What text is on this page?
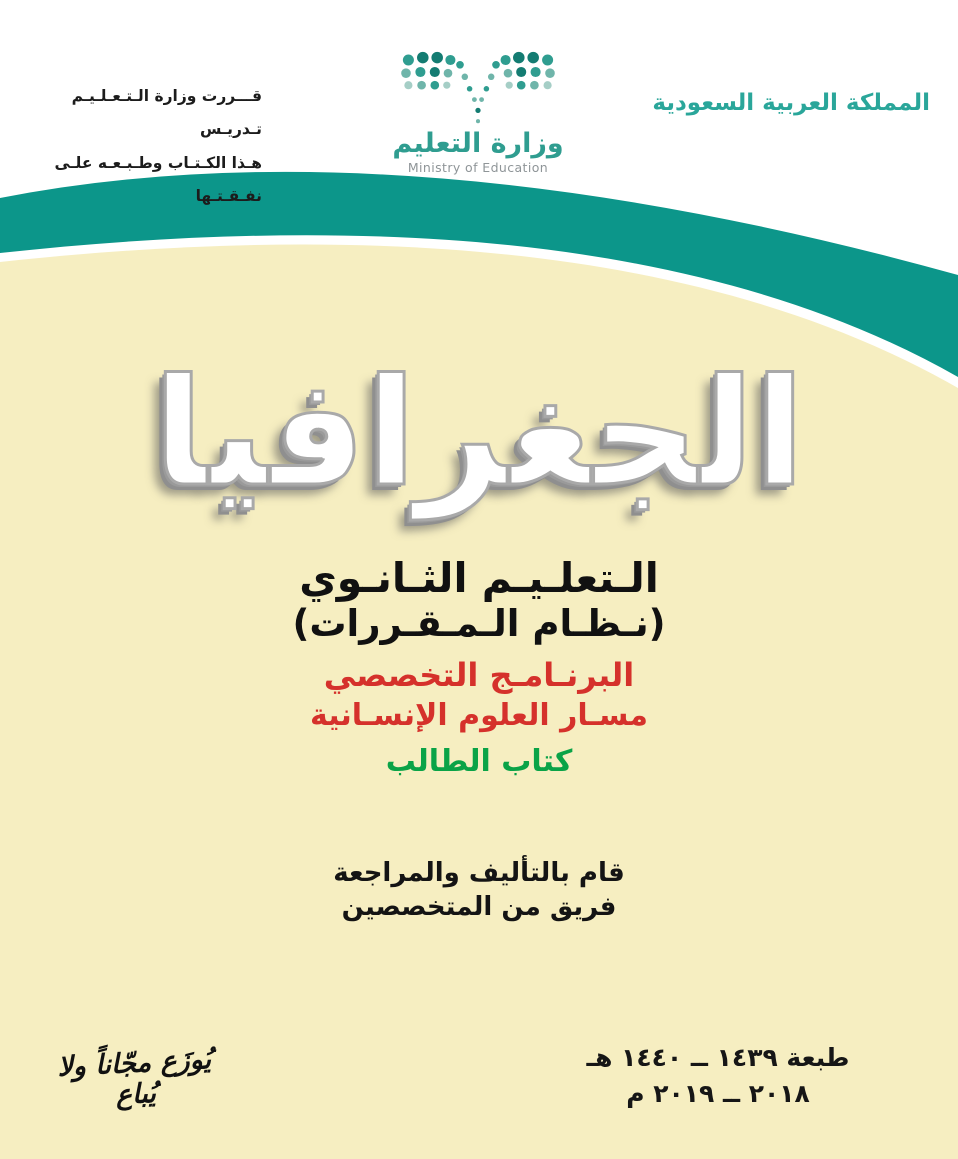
المملكة العربية السعودية
قـــررت وزارة الـتـعـلـيـم تـدريـس
هـذا الكـتـاب وطـبـعـه علـى نفـقـتـها
وزارة التعليم
Ministry of Education
الجغرافيا
الـتعلـيـم الثـانـوي
(نـظـام الـمـقـررات)
البرنـامـج التخصصي
مسـار العلوم الإنسـانية
كتاب الطالب
قام بالتأليف والمراجعة
فريق من المتخصصين
طبعة ١٤٣٩ ــ ١٤٤٠ هـ
٢٠١٨ ــ ٢٠١٩ م
يُوزَع مجّاناً ولا يُباع
